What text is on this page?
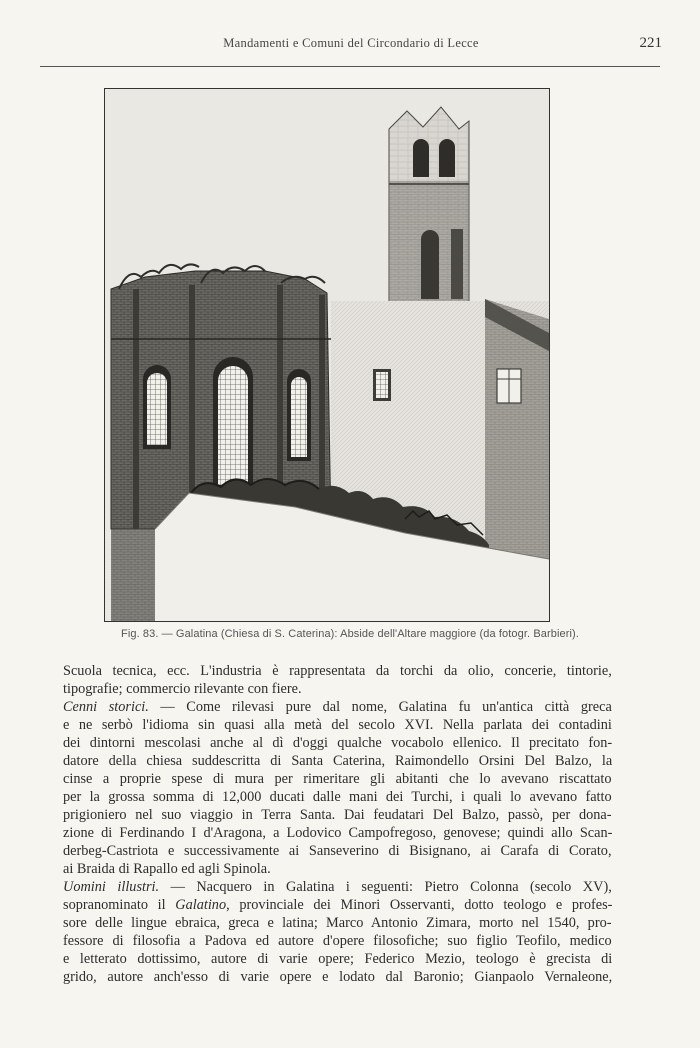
Mandamenti e Comuni del Circondario di Lecce	221
Fig. 83. — Galatina (Chiesa di S. Caterina): Abside dell'Altare maggiore (da fotogr. Barbieri).
Scuola tecnica, ecc. L'industria è rappresentata da torchi da olio, concerie, tintorie,
tipografie; commercio rilevante con fiere.
Cenni storici. — Come rilevasi pure dal nome, Galatina fu un'antica città greca
e ne serbò l'idioma sin quasi alla metà del secolo XVI. Nella parlata dei contadini
dei dintorni mescolasi anche al dì d'oggi qualche vocabolo ellenico. Il precitato fon-
datore della chiesa suddescritta di Santa Caterina, Raimondello Orsini Del Balzo, la
cinse a proprie spese di mura per rimeritare gli abitanti che lo avevano riscattato
per la grossa somma di 12,000 ducati dalle mani dei Turchi, i quali lo avevano fatto
prigioniero nel suo viaggio in Terra Santa. Dai feudatari Del Balzo, passò, per dona-
zione di Ferdinando I d'Aragona, a Lodovico Campofregoso, genovese; quindi allo Scan-
derbeg-Castriota e successivamente ai Sanseverino di Bisignano, ai Carafa di Corato,
ai Braida di Rapallo ed agli Spinola.
Uomini illustri. — Nacquero in Galatina i seguenti: Pietro Colonna (secolo XV),
sopranominato il Galatino, provinciale dei Minori Osservanti, dotto teologo e profes-
sore delle lingue ebraica, greca e latina; Marco Antonio Zimara, morto nel 1540, pro-
fessore di filosofia a Padova ed autore d'opere filosofiche; suo figlio Teofilo, medico
e letterato dottissimo, autore di varie opere; Federico Mezio, teologo è grecista di
grido, autore anch'esso di varie opere e lodato dal Baronio; Gianpaolo Vernaleone,
